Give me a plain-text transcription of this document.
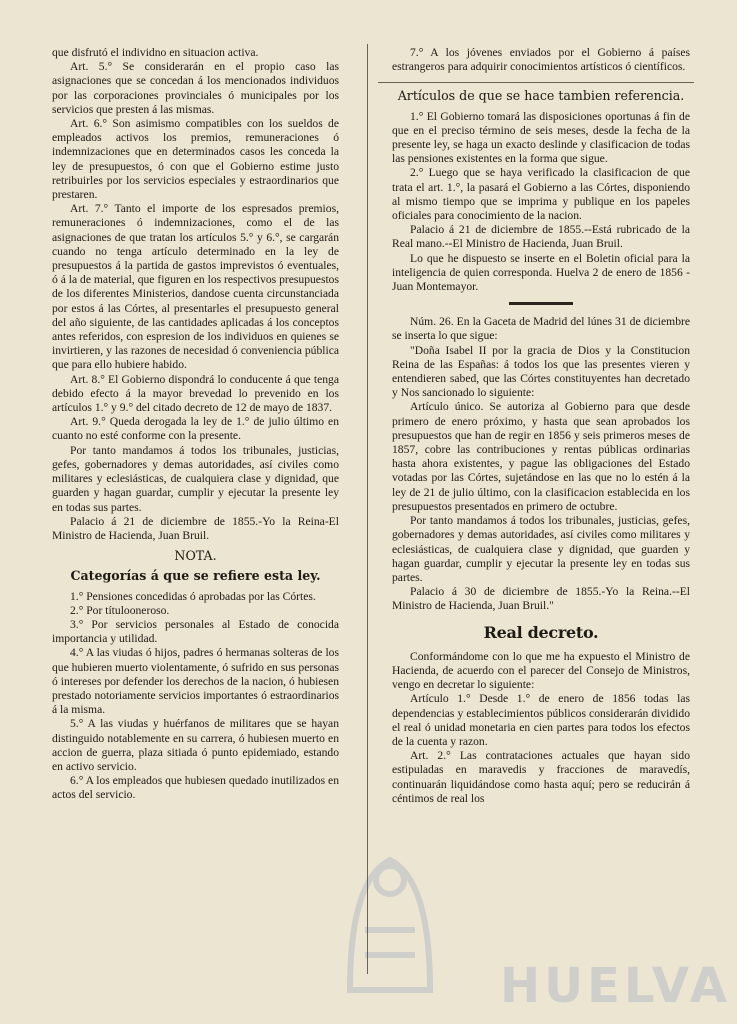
que disfrutó el individno en situacion activa.

Art. 5.° Se considerarán en el propio caso las asignaciones que se concedan á los mencionados individuos por las corporaciones provinciales ó municipales por los servicios que presten á las mismas.

Art. 6.° Son asimismo compatibles con los sueldos de empleados activos los premios, remuneraciones ó indemnizaciones que en determinados casos les conceda la ley de presupuestos, ó con que el Gobierno estime justo retribuirles por los servicios especiales y estraordinarios que prestaren.

Art. 7.° Tanto el importe de los espresados premios, remuneraciones ó indemnizaciones, como el de las asignaciones de que tratan los artículos 5.° y 6.°, se cargarán cuando no tenga artículo determinado en la ley de presupuestos á la partida de gastos imprevistos ó eventuales, ó á la de material, que figuren en los respectivos presupuestos de los diferentes Ministerios, dandose cuenta circunstanciada por estos á las Córtes, al presentarles el presupuesto general del año siguiente, de las cantidades aplicadas á los conceptos antes referidos, con espresion de los individuos en quienes se invirtieren, y las razones de necesidad ó conveniencia pública que para ello hubiere habido.

Art. 8.° El Gobierno dispondrá lo conducente á que tenga debido efecto á la mayor brevedad lo prevenido en los artículos 1.° y 9.° del citado decreto de 12 de mayo de 1837.

Art. 9.° Queda derogada la ley de 1.° de julio último en cuanto no esté conforme con la presente.

Por tanto mandamos á todos los tribunales, justicias, gefes, gobernadores y demas autoridades, así civiles como militares y eclesiásticas, de cualquiera clase y dignidad, que guarden y hagan guardar, cumplir y ejecutar la presente ley en todas sus partes.

Palacio á 21 de diciembre de 1855.-Yo la Reina-El Ministro de Hacienda, Juan Bruil.

NOTA.

Categorías á que se refiere esta ley.

1.° Pensiones concedidas ó aprobadas por las Córtes.

2.° Por títulooneroso.

3.° Por servicios personales al Estado de conocida importancia y utilidad.

4.° A las viudas ó hijos, padres ó hermanas solteras de los que hubieren muerto violentamente, ó sufrido en sus personas ó intereses por defender los derechos de la nacion, ó hubiesen prestado notoriamente servicios importantes ó estraordinarios á la misma.

5.° A las viudas y huérfanos de militares que se hayan distinguido notablemente en su carrera, ó hubiesen muerto en accion de guerra, plaza sitiada ó punto epidemiado, estando en activo servicio.

6.° A los empleados que hubiesen quedado inutilizados en actos del servicio.

7.° A los jóvenes enviados por el Gobierno á países estrangeros para adquirir conocimientos artísticos ó científicos.

Artículos de que se hace tambien referencia.

1.° El Gobierno tomará las disposiciones oportunas á fin de que en el preciso término de seis meses, desde la fecha de la presente ley, se haga un exacto deslinde y clasificacion de todas las pensiones existentes en la forma que sigue.

2.° Luego que se haya verificado la clasificacion de que trata el art. 1.°, la pasará el Gobierno a las Córtes, disponiendo al mismo tiempo que se imprima y publique en los papeles oficiales para conocimiento de la nacion.

Palacio á 21 de diciembre de 1855.--Está rubricado de la Real mano.--El Ministro de Hacienda, Juan Bruil.

Lo que he dispuesto se inserte en el Boletin oficial para la inteligencia de quien corresponda. Huelva 2 de enero de 1856 -Juan Montemayor.

Núm. 26. En la Gaceta de Madrid del lúnes 31 de diciembre se inserta lo que sigue:

"Doña Isabel II por la gracia de Dios y la Constitucion Reina de las Españas: á todos los que las presentes vieren y entendieren sabed, que las Córtes constituyentes han decretado y Nos sancionado lo siguiente:

Artículo único. Se autoriza al Gobierno para que desde primero de enero próximo, y hasta que sean aprobados los presupuestos que han de regir en 1856 y seis primeros meses de 1857, cobre las contribuciones y rentas públicas ordinarias hasta ahora existentes, y pague las obligaciones del Estado votadas por las Córtes, sujetándose en las que no lo estén á la ley de 21 de julio último, con la clasificacion establecida en los presupuestos presentados en primero de octubre.

Por tanto mandamos á todos los tribunales, justicias, gefes, gobernadores y demas autoridades, así civiles como militares y eclesiásticas, de cualquiera clase y dignidad, que guarden y hagan guardar, cumplir y ejecutar la presente ley en todas sus partes.

Palacio á 30 de diciembre de 1855.-Yo la Reina.--El Ministro de Hacienda, Juan Bruil."

Real decreto.

Conformándome con lo que me ha expuesto el Ministro de Hacienda, de acuerdo con el parecer del Consejo de Ministros, vengo en decretar lo siguiente:

Artículo 1.° Desde 1.° de enero de 1856 todas las dependencias y establecimientos públicos considerarán dividido el real ó unidad monetaria en cien partes para todos los efectos de la cuenta y razon.

Art. 2.° Las contrataciones actuales que hayan sido estipuladas en maravedis y fracciones de maravedís, continuarán liquidándose como hasta aquí; pero se reducirán á céntimos de real los

HUELVA
